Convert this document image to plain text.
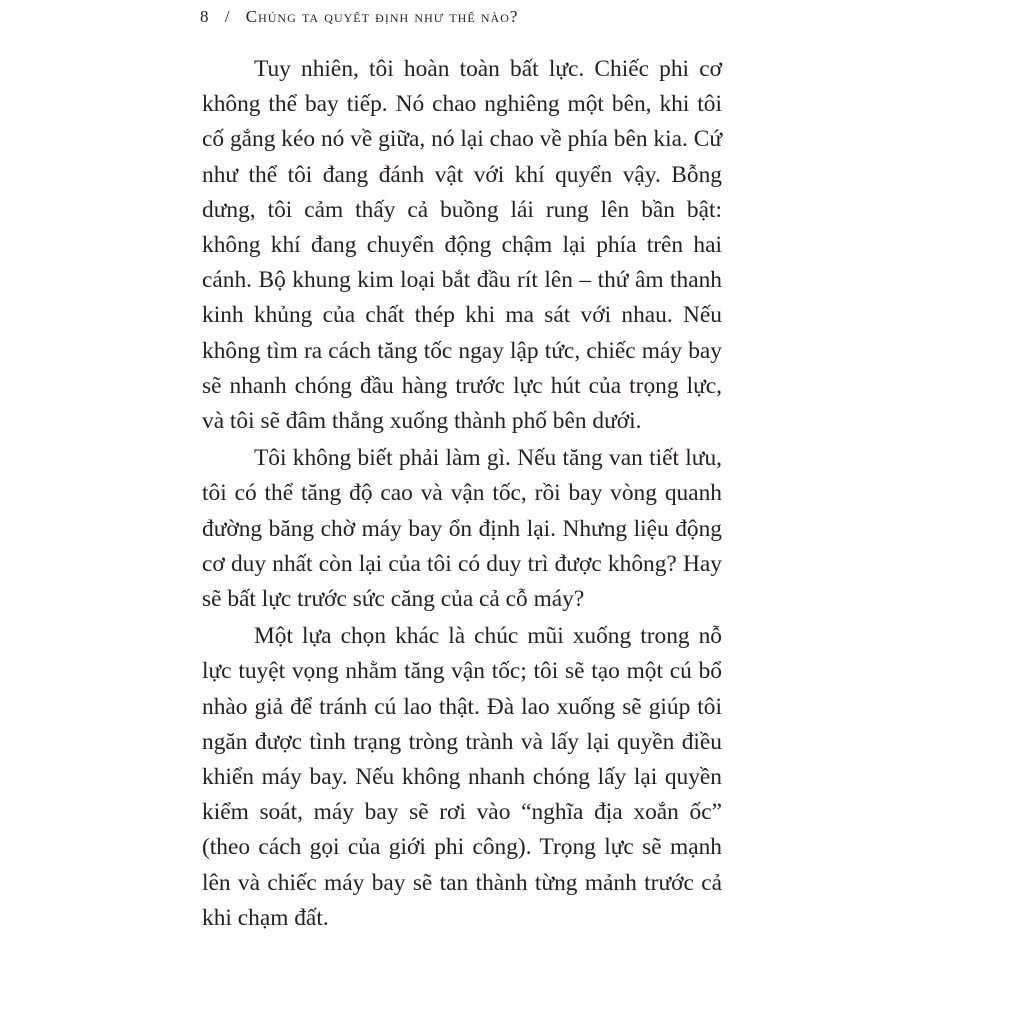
8 / Chúng ta quyết định như thế nào?

Tuy nhiên, tôi hoàn toàn bất lực. Chiếc phi cơ không thể bay tiếp. Nó chao nghiêng một bên, khi tôi cố gắng kéo nó về giữa, nó lại chao về phía bên kia. Cứ như thể tôi đang đánh vật với khí quyển vậy. Bỗng dưng, tôi cảm thấy cả buồng lái rung lên bần bật: không khí đang chuyển động chậm lại phía trên hai cánh. Bộ khung kim loại bắt đầu rít lên – thứ âm thanh kinh khủng của chất thép khi ma sát với nhau. Nếu không tìm ra cách tăng tốc ngay lập tức, chiếc máy bay sẽ nhanh chóng đầu hàng trước lực hút của trọng lực, và tôi sẽ đâm thẳng xuống thành phố bên dưới.

Tôi không biết phải làm gì. Nếu tăng van tiết lưu, tôi có thể tăng độ cao và vận tốc, rồi bay vòng quanh đường băng chờ máy bay ổn định lại. Nhưng liệu động cơ duy nhất còn lại của tôi có duy trì được không? Hay sẽ bất lực trước sức căng của cả cỗ máy?

Một lựa chọn khác là chúc mũi xuống trong nỗ lực tuyệt vọng nhằm tăng vận tốc; tôi sẽ tạo một cú bổ nhào giả để tránh cú lao thật. Đà lao xuống sẽ giúp tôi ngăn được tình trạng tròng trành và lấy lại quyền điều khiển máy bay. Nếu không nhanh chóng lấy lại quyền kiểm soát, máy bay sẽ rơi vào “nghĩa địa xoắn ốc” (theo cách gọi của giới phi công). Trọng lực sẽ mạnh lên và chiếc máy bay sẽ tan thành từng mảnh trước cả khi chạm đất.
